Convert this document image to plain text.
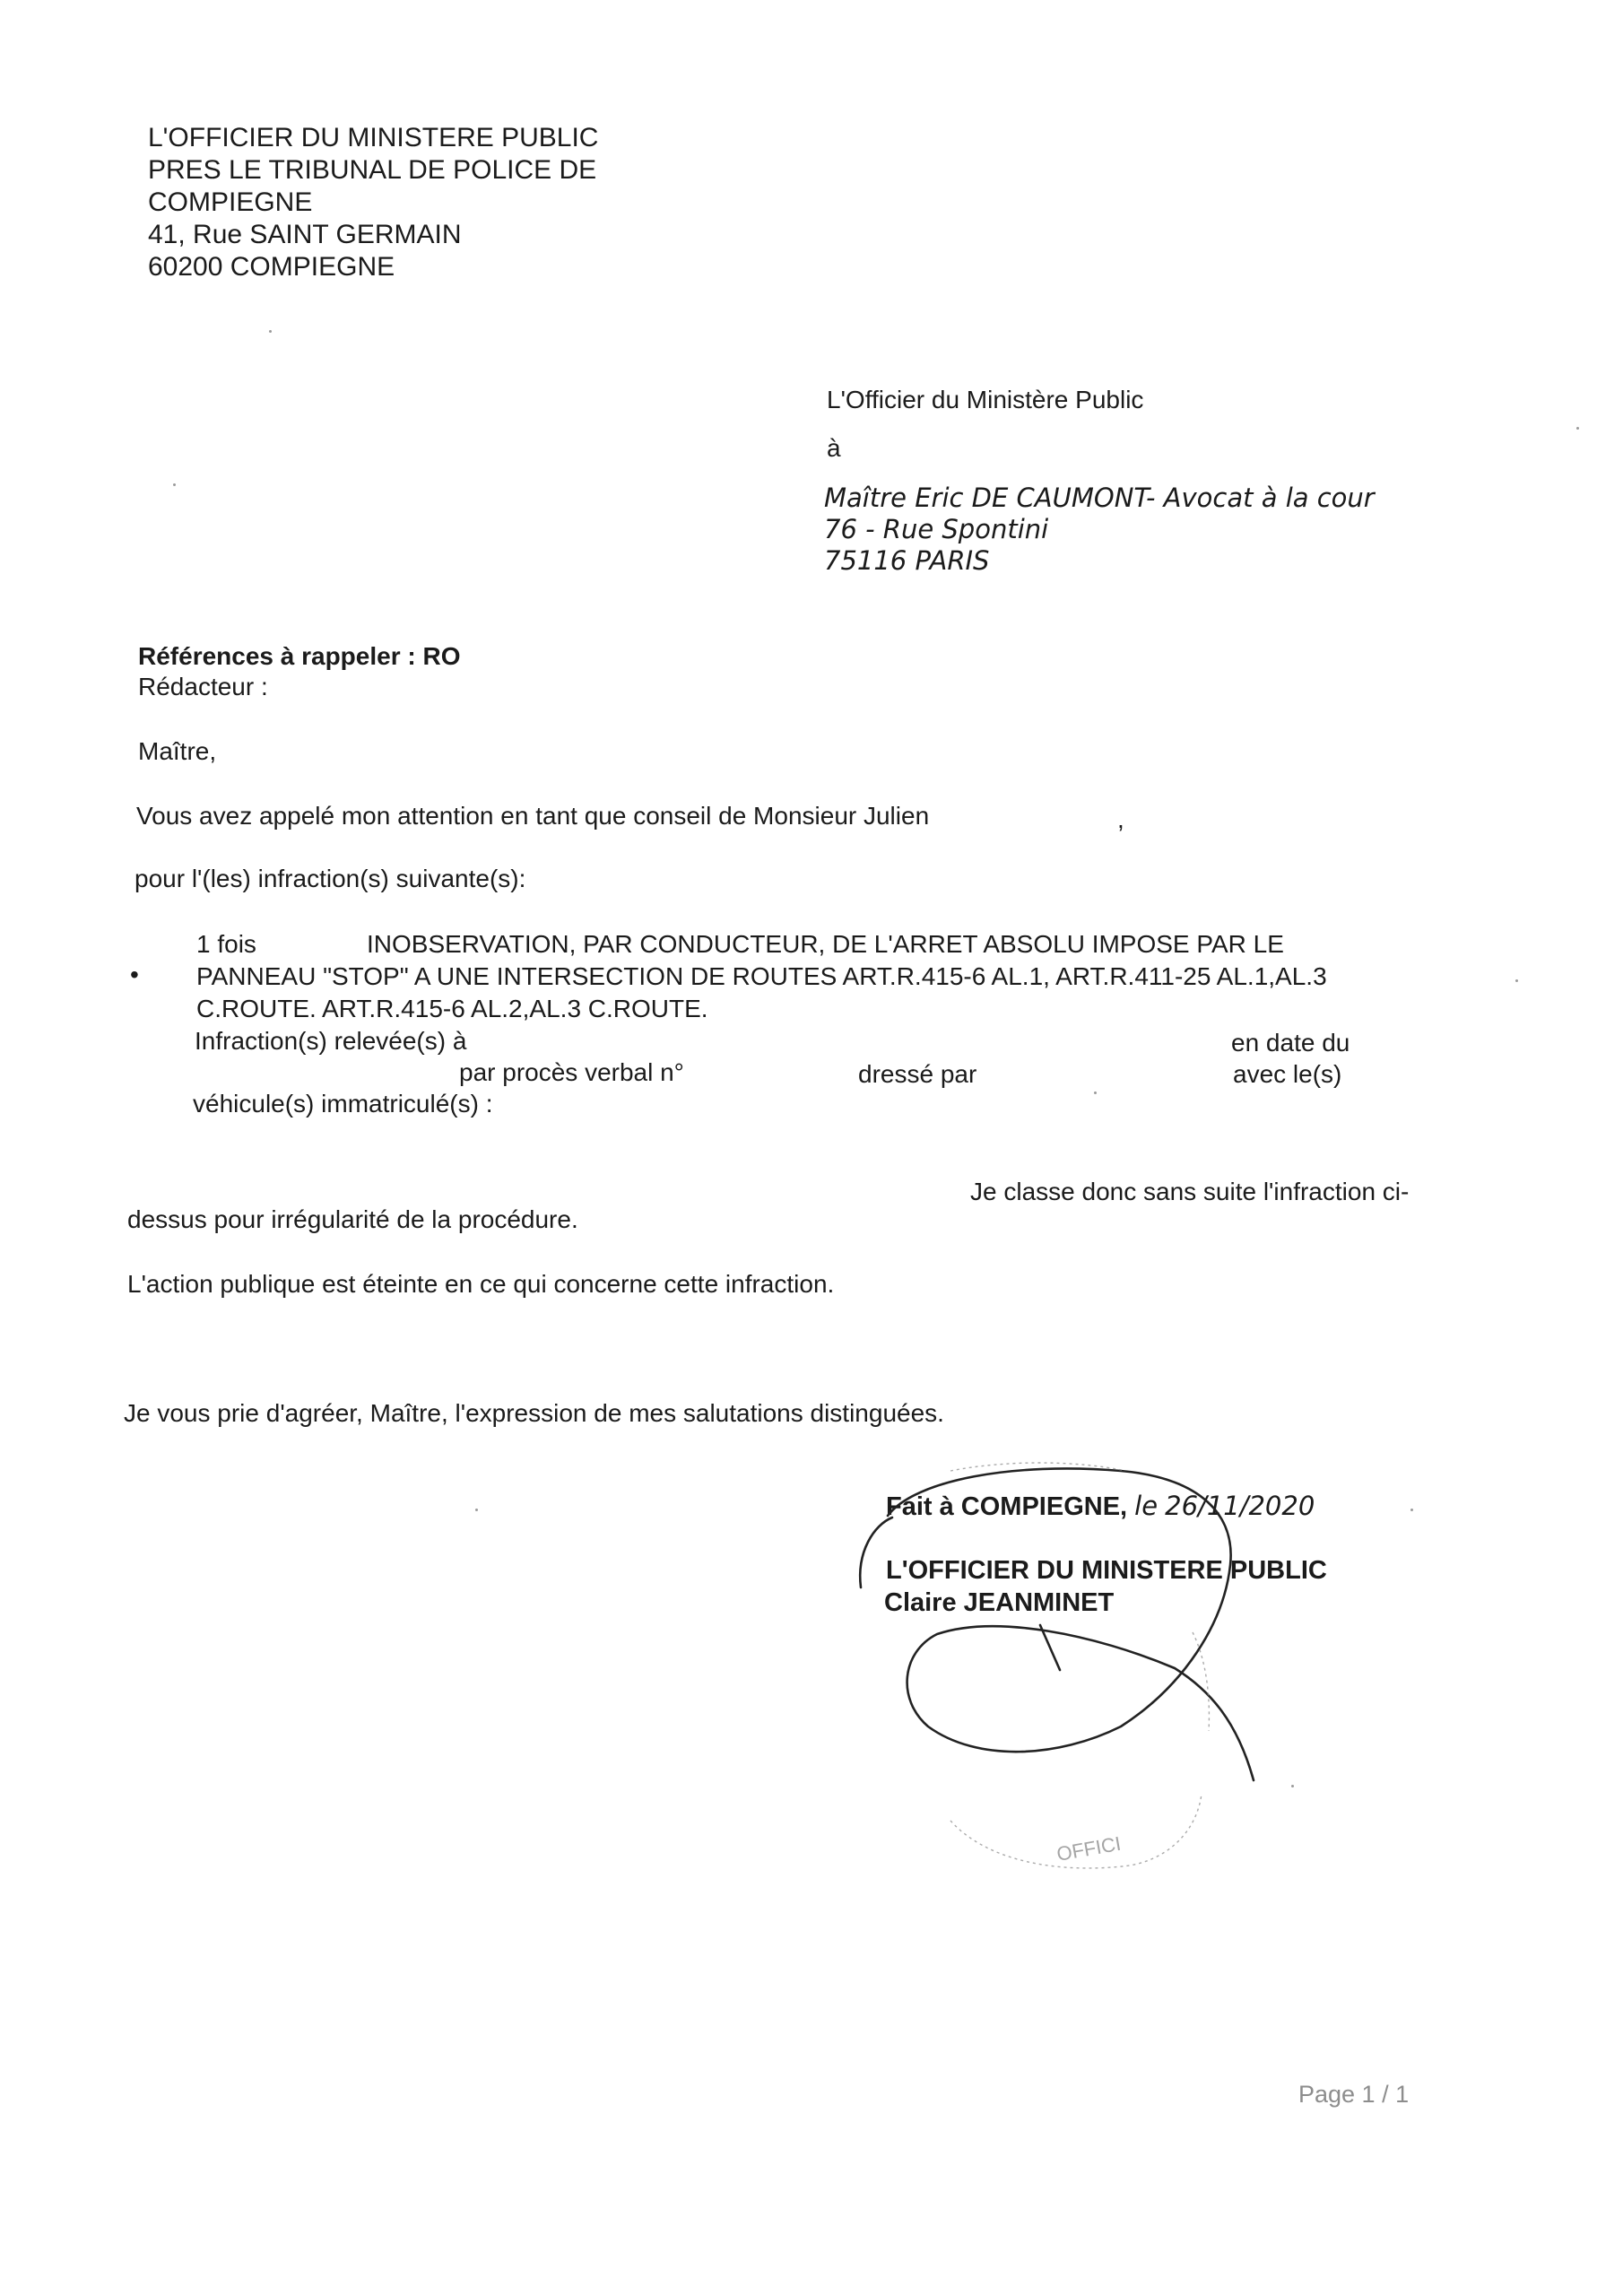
L'OFFICIER DU MINISTERE PUBLIC
PRES LE TRIBUNAL DE POLICE DE
COMPIEGNE
41, Rue SAINT GERMAIN
60200 COMPIEGNE
L'Officier du Ministère Public
à
Maître Eric DE CAUMONT- Avocat à la cour
76 - Rue Spontini
75116 PARIS
Références à rappeler : RO
Rédacteur :
Maître,
Vous avez appelé mon attention en tant que conseil de Monsieur Julien	,
pour l'(les) infraction(s) suivante(s):
1 fois
•
INOBSERVATION, PAR CONDUCTEUR, DE L'ARRET ABSOLU IMPOSE PAR LE
PANNEAU "STOP" A UNE INTERSECTION DE ROUTES ART.R.415-6 AL.1, ART.R.411-25 AL.1,AL.3
C.ROUTE. ART.R.415-6 AL.2,AL.3 C.ROUTE.
Infraction(s) relevée(s) à	en date du
par procès verbal n°	dressé par	avec le(s)
véhicule(s) immatriculé(s) :
Je classe donc sans suite l'infraction ci-
dessus pour irrégularité de la procédure.
L'action publique est éteinte en ce qui concerne cette infraction.
Je vous prie d'agréer, Maître, l'expression de mes salutations distinguées.
Fait à COMPIEGNE, le 26/11/2020
L'OFFICIER DU MINISTERE PUBLIC
Claire JEANMINET
OFFICI
Page 1 / 1
